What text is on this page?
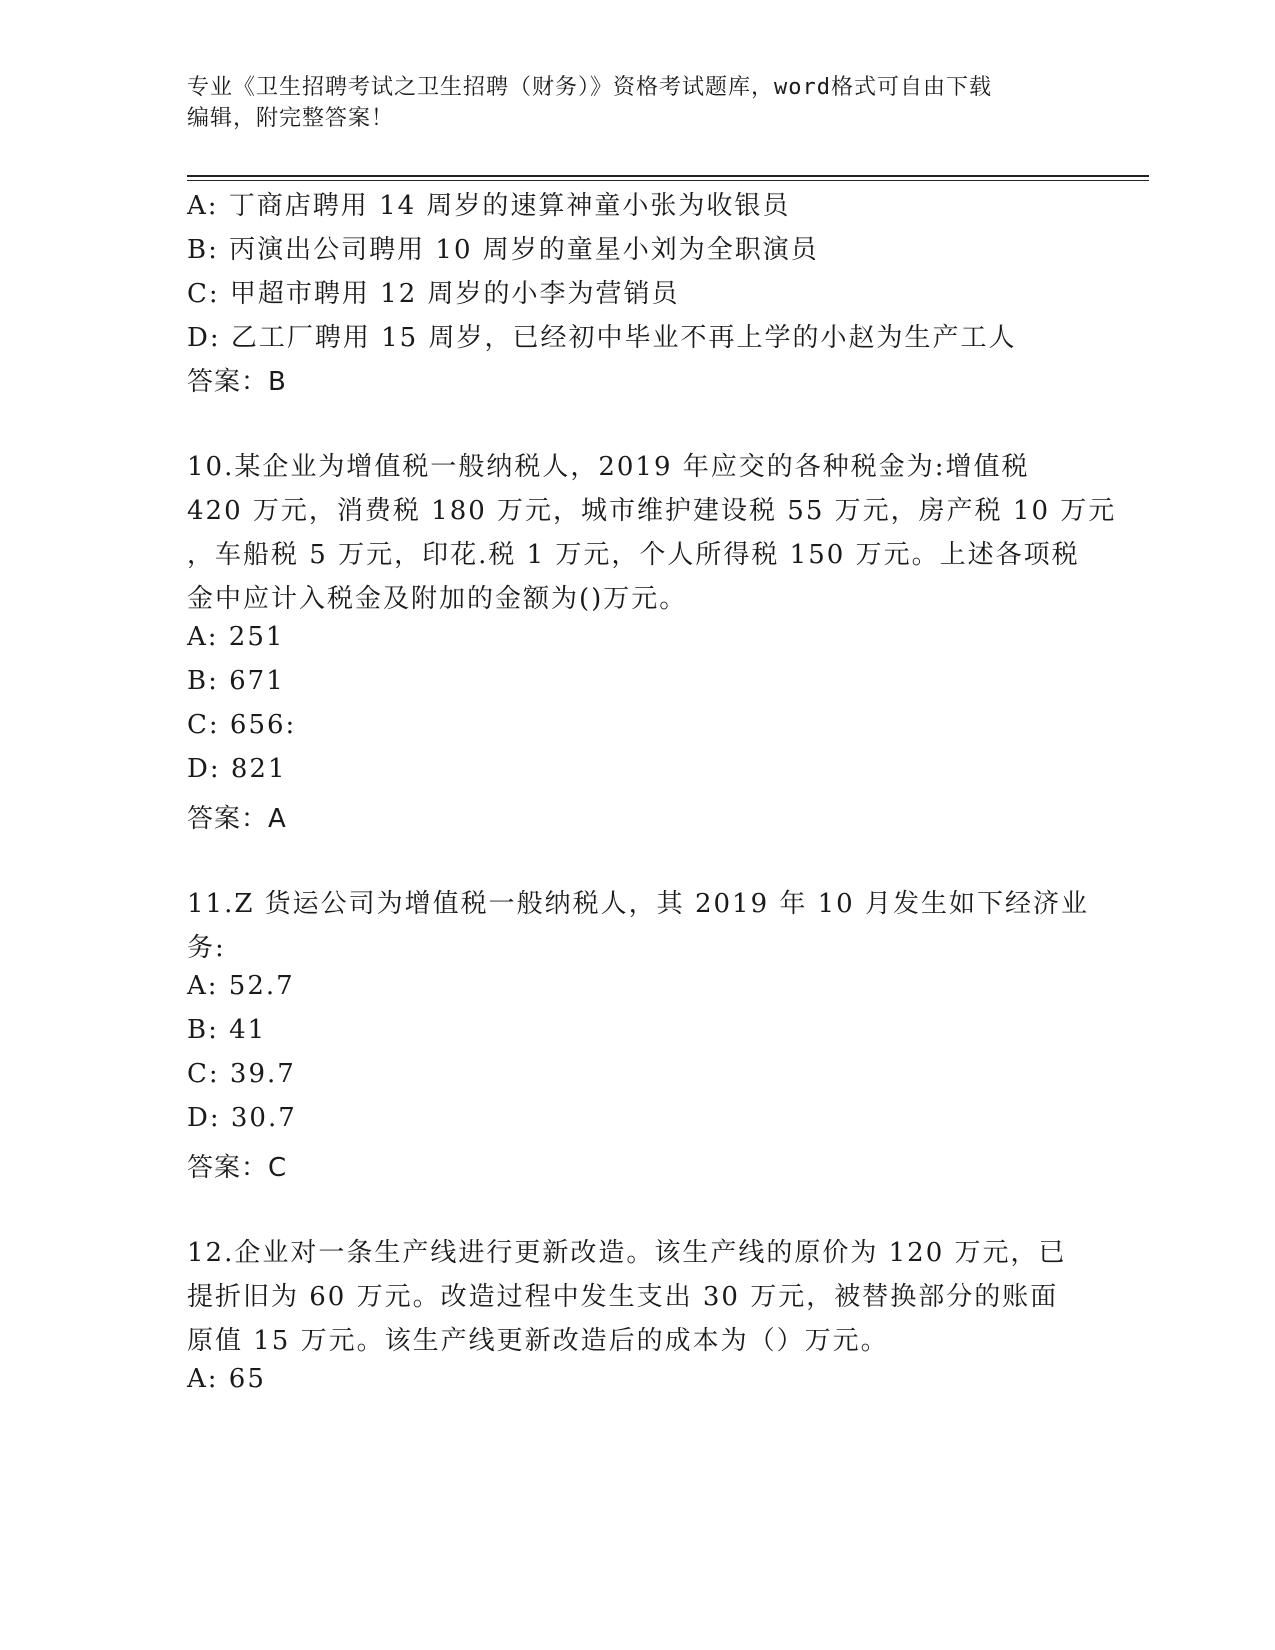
专业《卫生招聘考试之卫生招聘（财务）》资格考试题库，word格式可自由下载
编辑，附完整答案！
A: 丁商店聘用 14 周岁的速算神童小张为收银员
B: 丙演出公司聘用 10 周岁的童星小刘为全职演员
C: 甲超市聘用 12 周岁的小李为营销员
D: 乙工厂聘用 15 周岁，已经初中毕业不再上学的小赵为生产工人
答案：B
10.某企业为增值税一般纳税人，2019 年应交的各种税金为:增值税
420 万元，消费税 180 万元，城市维护建设税 55 万元，房产税 10 万元
，车船税 5 万元，印花.税 1 万元，个人所得税 150 万元。上述各项税
金中应计入税金及附加的金额为()万元。
A: 251
B: 671
C: 656:
D: 821
答案：A
11.Z 货运公司为增值税一般纳税人，其 2019 年 10 月发生如下经济业
务:
A: 52.7
B: 41
C: 39.7
D: 30.7
答案：C
12.企业对一条生产线进行更新改造。该生产线的原价为 120 万元，已
提折旧为 60 万元。改造过程中发生支出 30 万元，被替换部分的账面
原值 15 万元。该生产线更新改造后的成本为（）万元。
A: 65
